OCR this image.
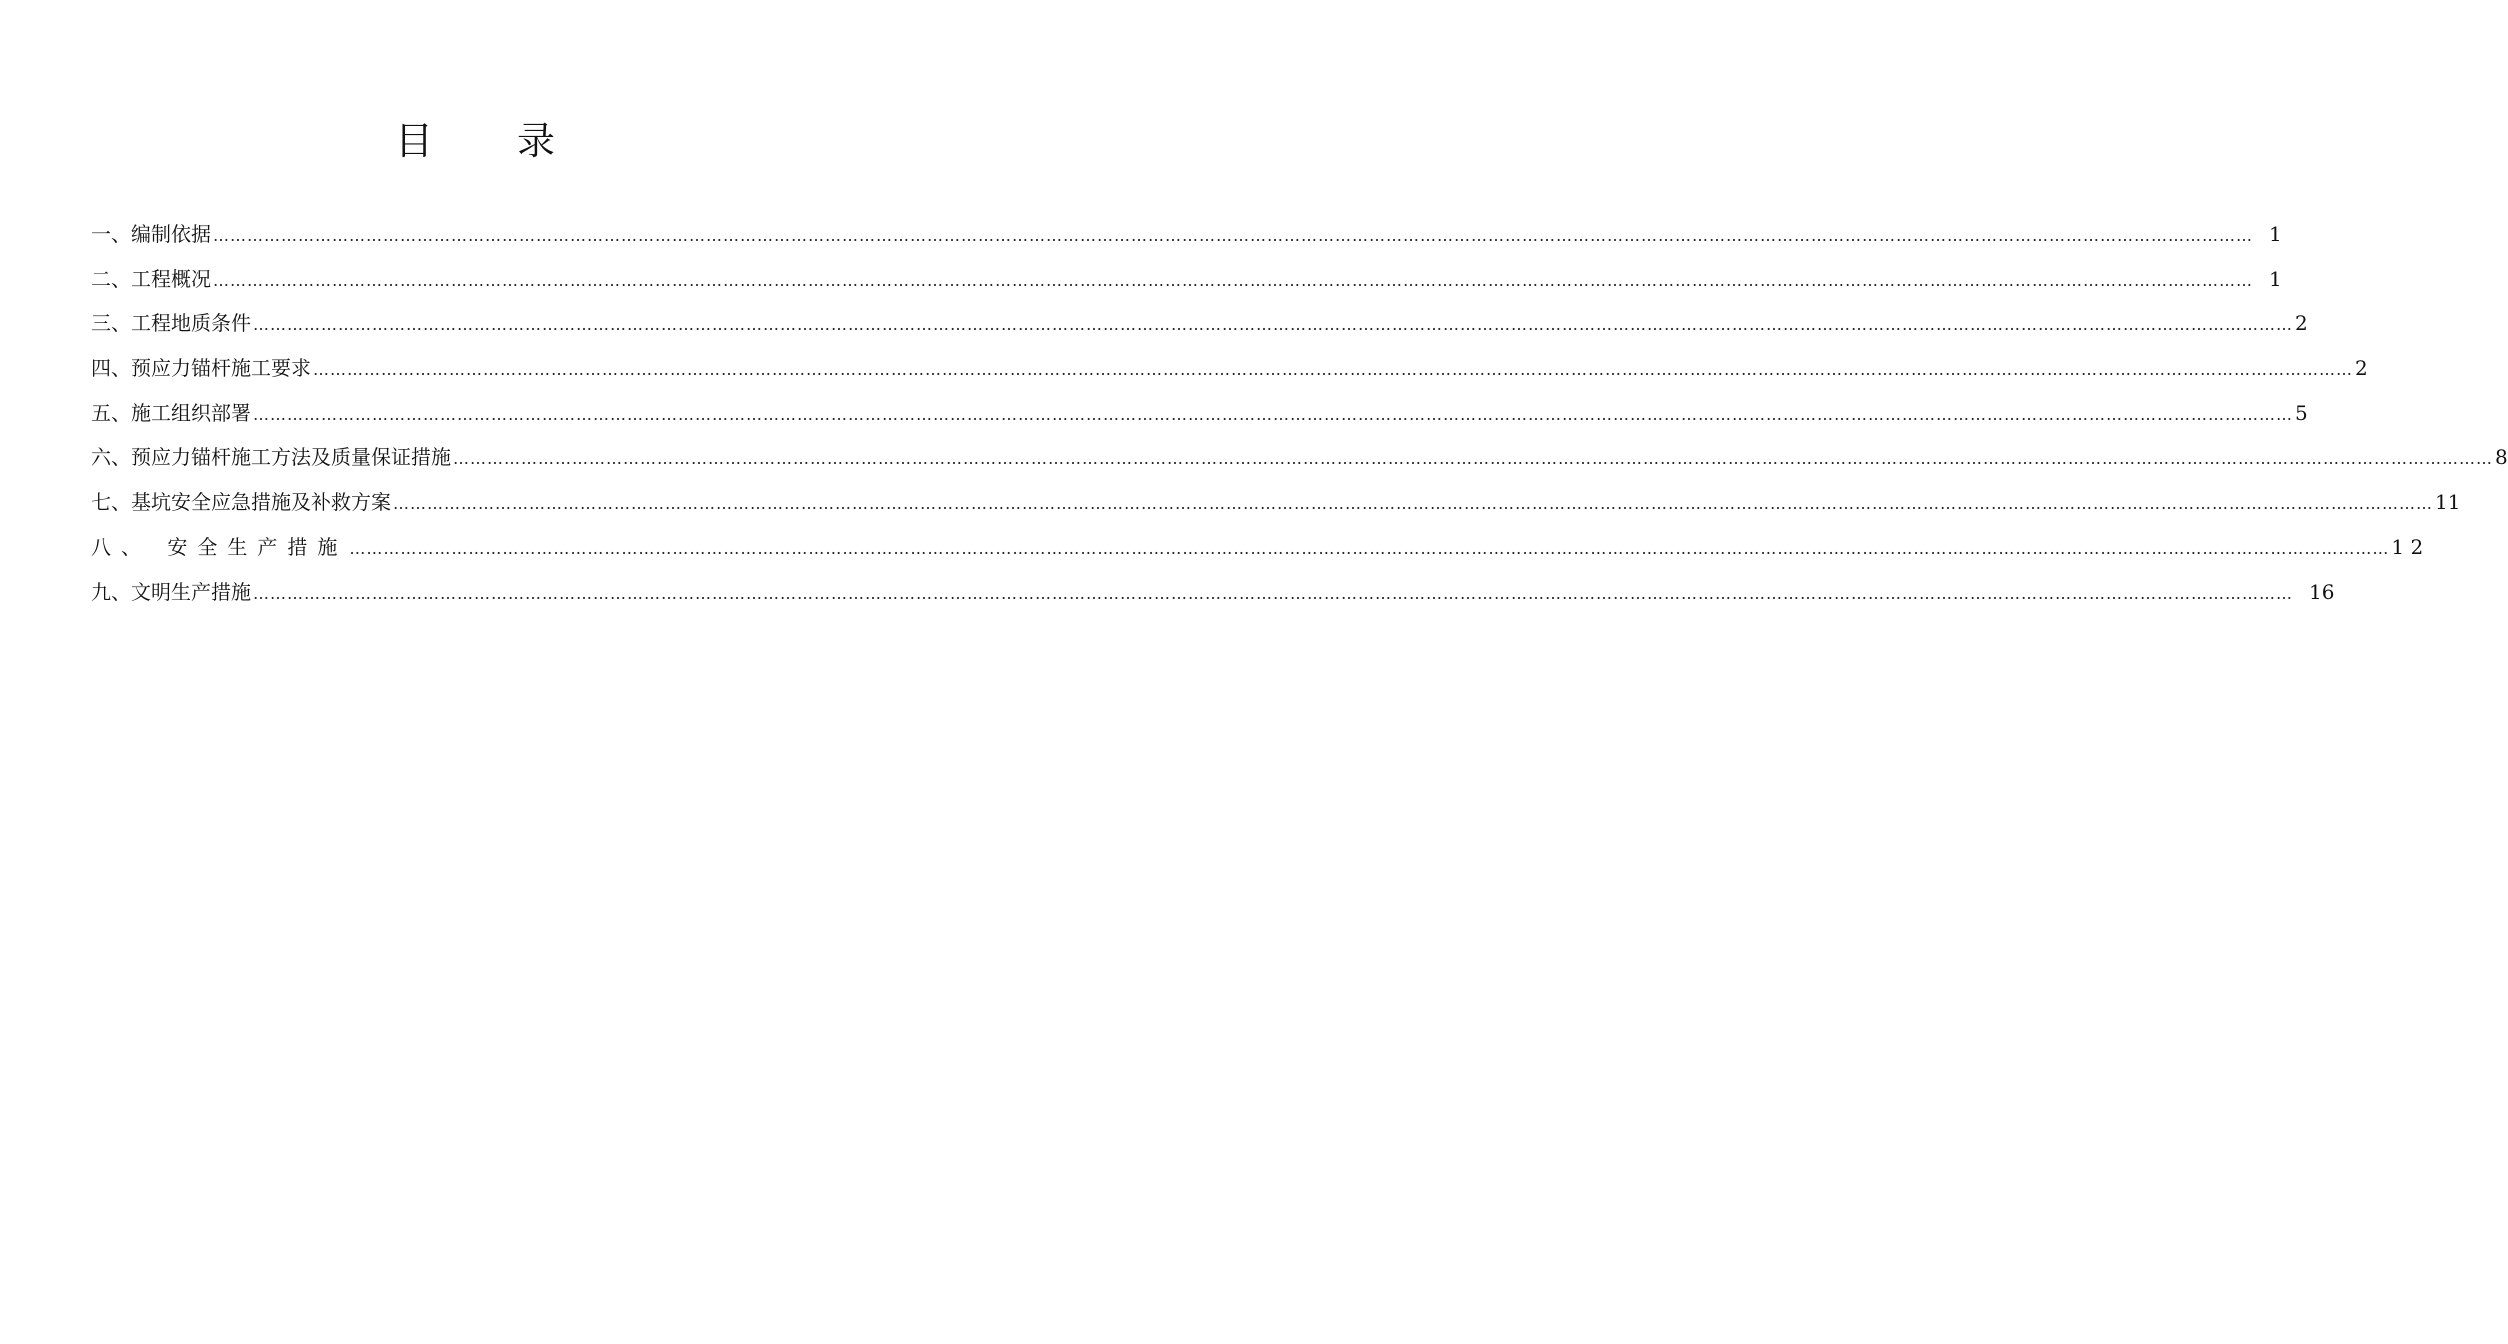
目 录
一、编制依据 ……………………………………………………………………………………………………………………………………………………………………………………………………………………………………………………………………………………………………………………………… 1
二、工程概况 ……………………………………………………………………………………………………………………………………………………………………………………………………………………………………………………………………………………………………………………………… 1
三、工程地质条件 ……………………………………………………………………………………………………………………………………………………………………………………………………………………………………………………………………………………………………………………………… 2
四、预应力锚杆施工要求 ……………………………………………………………………………………………………………………………………………………………………………………………………………………………………………………………………………………………………………………………… 2
五、施工组织部署 ……………………………………………………………………………………………………………………………………………………………………………………………………………………………………………………………………………………………………………………………… 5
六、预应力锚杆施工方法及质量保证措施 ……………………………………………………………………………………………………………………………………………………………………………………………………………………………………………………………………………………………………………………………… 8
七、基坑安全应急措施及补救方案 ……………………………………………………………………………………………………………………………………………………………………………………………………………………………………………………………………………………………………………………………… 11
八、 安全生产措施 ……………………………………………………………………………………………………………………………………………………………………………………………………………………………………………………………………………………………………………………………… 1 2
九、文明生产措施 ……………………………………………………………………………………………………………………………………………………………………………………………………………………………………………………………………………………………………………………………… 16
